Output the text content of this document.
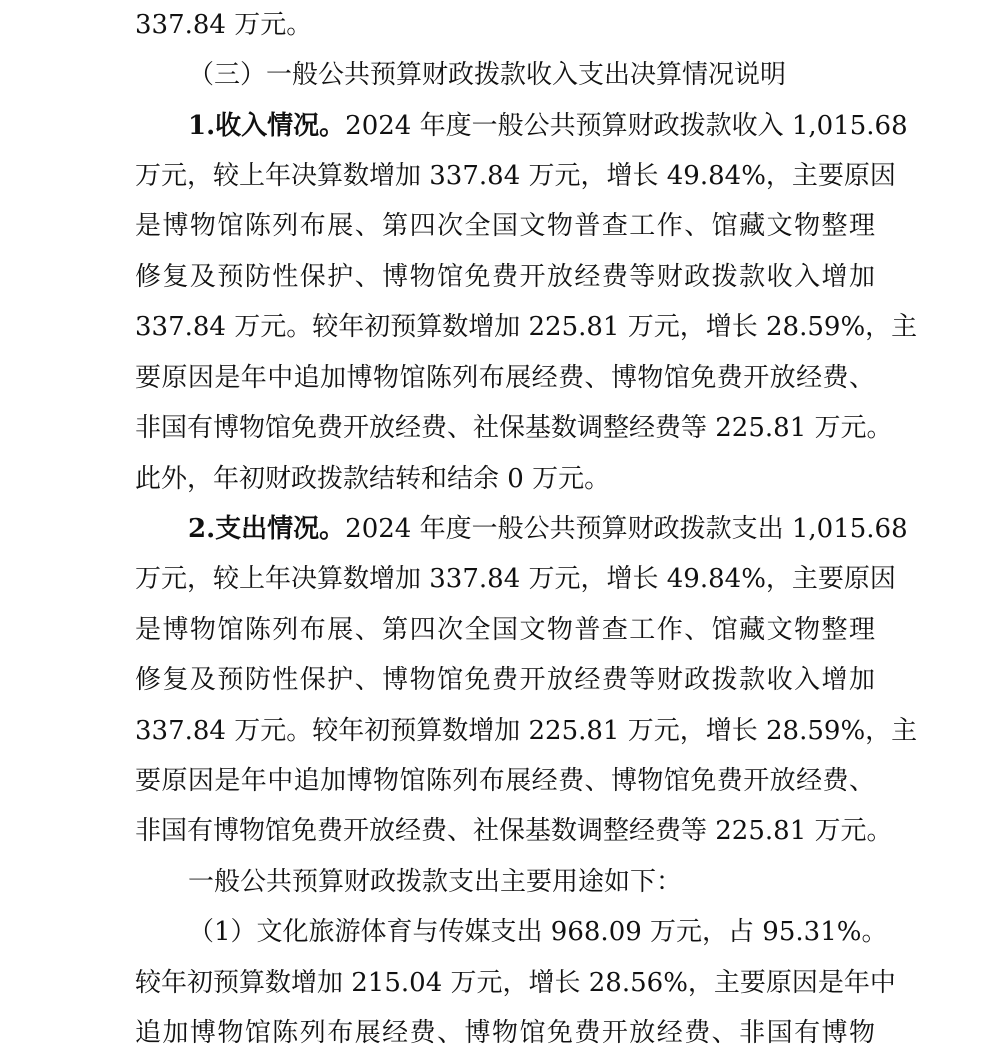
337.84 万元。
（三）一般公共预算财政拨款收入支出决算情况说明
1.收入情况。2024 年度一般公共预算财政拨款收入 1,015.68
万元，较上年决算数增加 337.84 万元，增长 49.84%，主要原因
是博物馆陈列布展、第四次全国文物普查工作、馆藏文物整理
修复及预防性保护、博物馆免费开放经费等财政拨款收入增加
337.84 万元。较年初预算数增加 225.81 万元，增长 28.59%，主
要原因是年中追加博物馆陈列布展经费、博物馆免费开放经费、
非国有博物馆免费开放经费、社保基数调整经费等 225.81 万元。
此外，年初财政拨款结转和结余 0 万元。
2.支出情况。2024 年度一般公共预算财政拨款支出 1,015.68
万元，较上年决算数增加 337.84 万元，增长 49.84%，主要原因
是博物馆陈列布展、第四次全国文物普查工作、馆藏文物整理
修复及预防性保护、博物馆免费开放经费等财政拨款收入增加
337.84 万元。较年初预算数增加 225.81 万元，增长 28.59%，主
要原因是年中追加博物馆陈列布展经费、博物馆免费开放经费、
非国有博物馆免费开放经费、社保基数调整经费等 225.81 万元。
一般公共预算财政拨款支出主要用途如下：
（1）文化旅游体育与传媒支出 968.09 万元，占 95.31%。
较年初预算数增加 215.04 万元，增长 28.56%，主要原因是年中
追加博物馆陈列布展经费、博物馆免费开放经费、非国有博物
